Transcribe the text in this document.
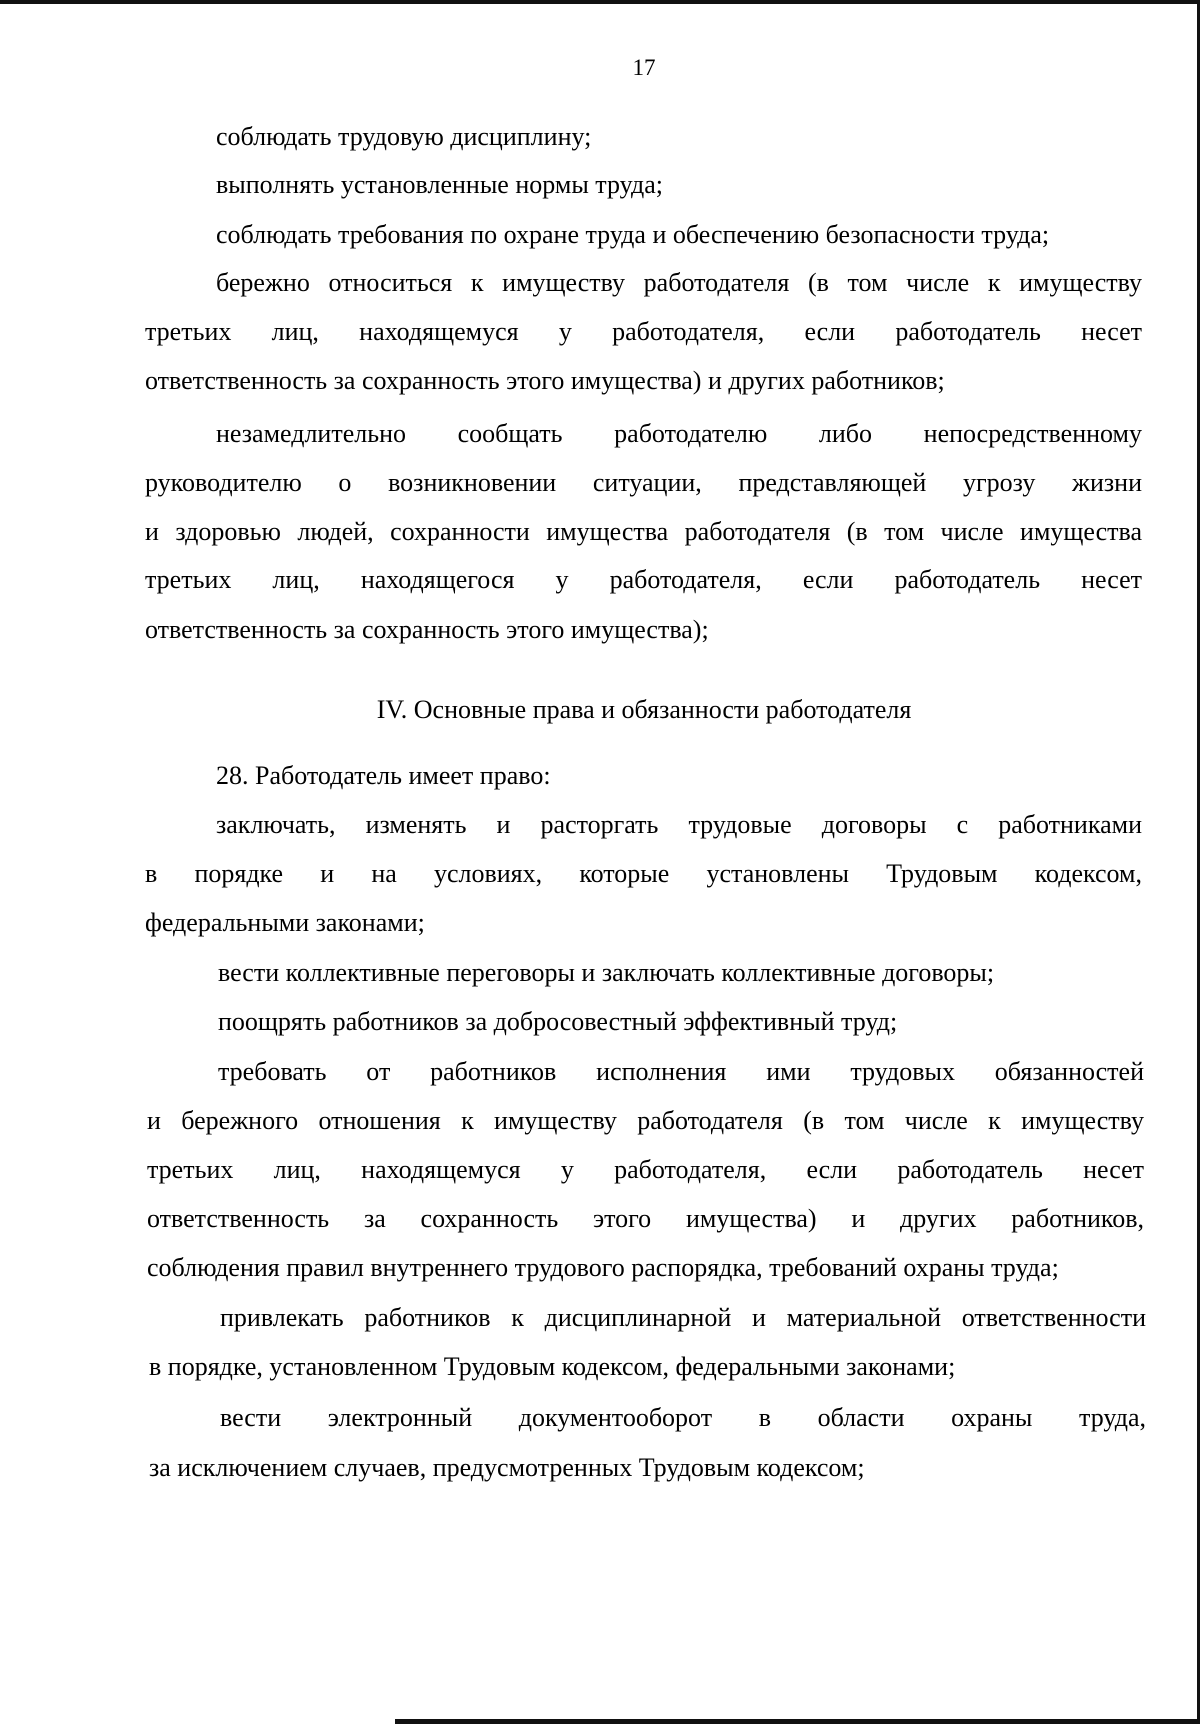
17
соблюдать трудовую дисциплину;
выполнять установленные нормы труда;
соблюдать требования по охране труда и обеспечению безопасности труда;
бережно относиться к имуществу работодателя (в том числе к имуществу
третьих лиц, находящемуся у работодателя, если работодатель несет
ответственность за сохранность этого имущества) и других работников;
незамедлительно сообщать работодателю либо непосредственному
руководителю о возникновении ситуации, представляющей угрозу жизни
и здоровью людей, сохранности имущества работодателя (в том числе имущества
третьих лиц, находящегося у работодателя, если работодатель несет
ответственность за сохранность этого имущества);
IV. Основные права и обязанности работодателя
28. Работодатель имеет право:
заключать, изменять и расторгать трудовые договоры с работниками
в порядке и на условиях, которые установлены Трудовым кодексом,
федеральными законами;
вести коллективные переговоры и заключать коллективные договоры;
поощрять работников за добросовестный эффективный труд;
требовать от работников исполнения ими трудовых обязанностей
и бережного отношения к имуществу работодателя (в том числе к имуществу
третьих лиц, находящемуся у работодателя, если работодатель несет
ответственность за сохранность этого имущества) и других работников,
соблюдения правил внутреннего трудового распорядка, требований охраны труда;
привлекать работников к дисциплинарной и материальной ответственности
в порядке, установленном Трудовым кодексом, федеральными законами;
вести электронный документооборот в области охраны труда,
за исключением случаев, предусмотренных Трудовым кодексом;
